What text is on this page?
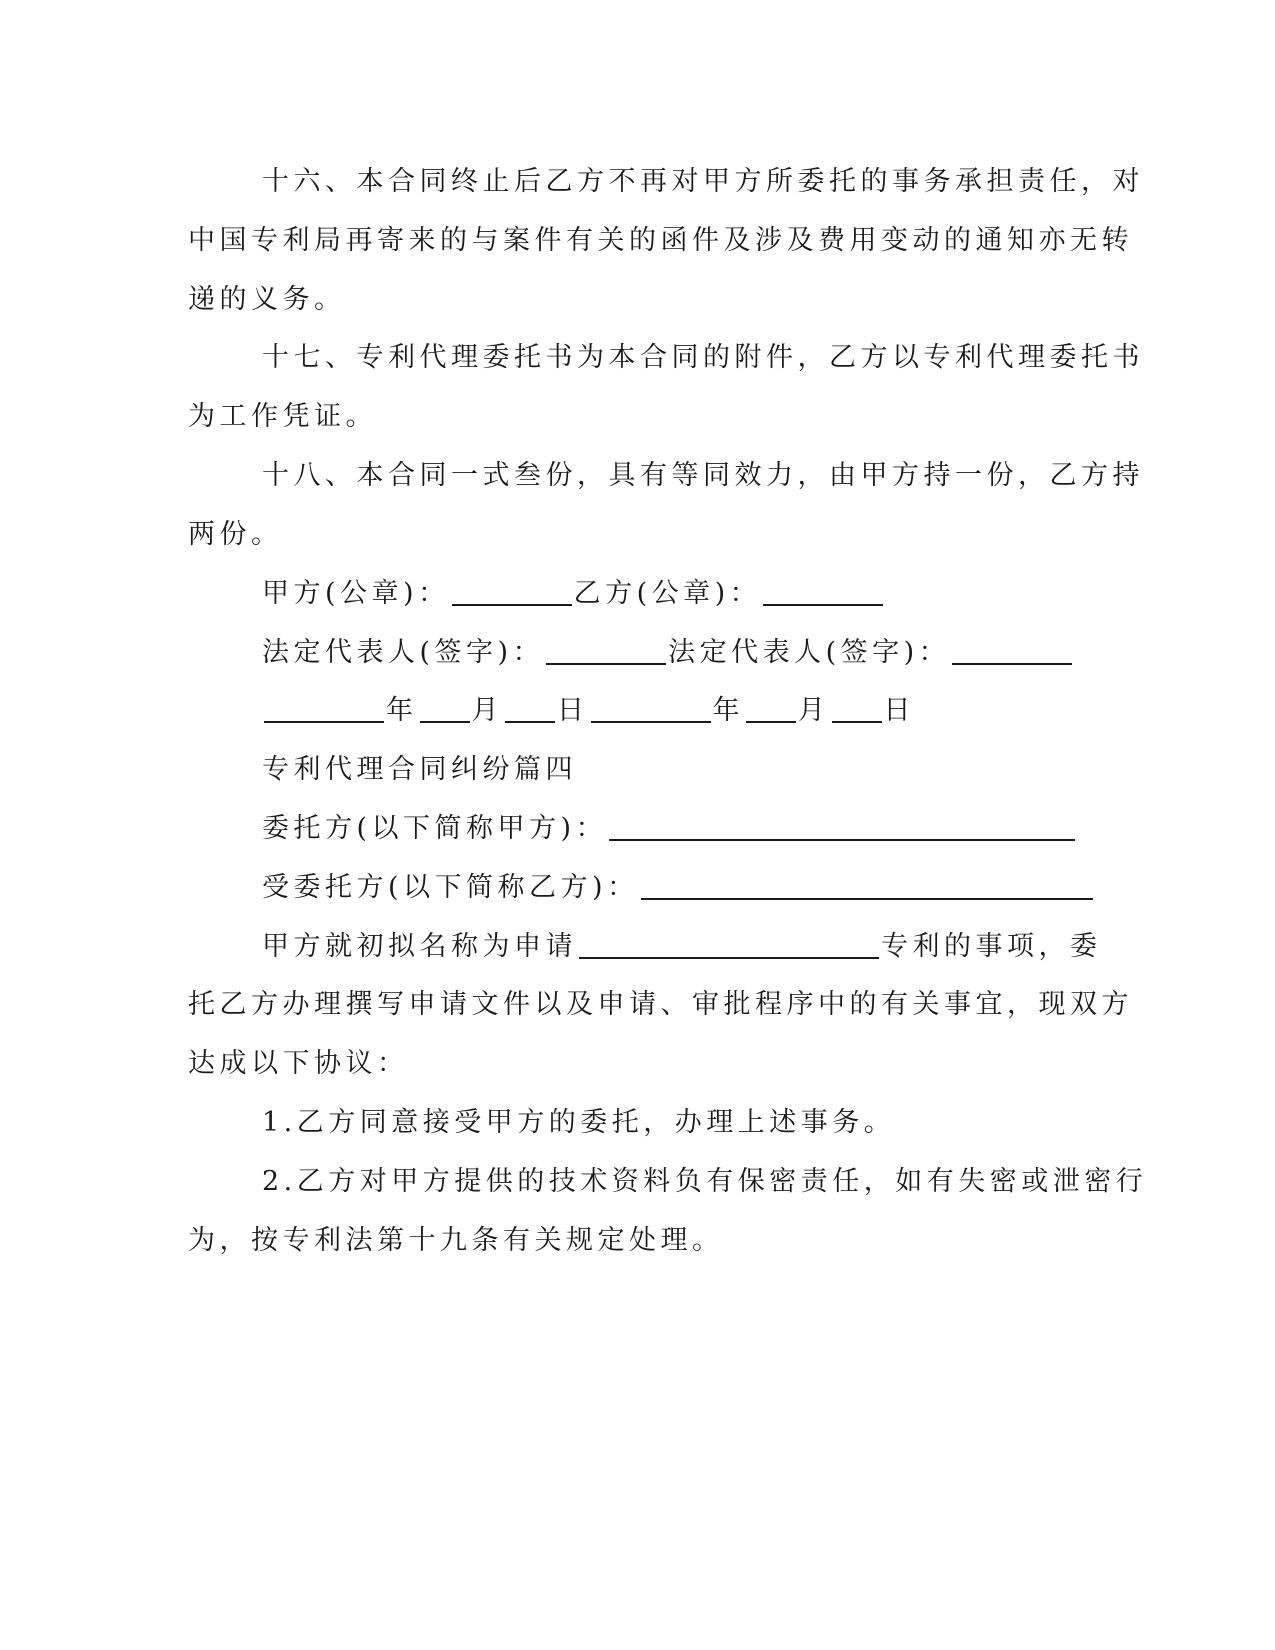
十六、本合同终止后乙方不再对甲方所委托的事务承担责任，对
中国专利局再寄来的与案件有关的函件及涉及费用变动的通知亦无转
递的义务。
十七、专利代理委托书为本合同的附件，乙方以专利代理委托书
为工作凭证。
十八、本合同一式叁份，具有等同效力，由甲方持一份，乙方持
两份。
甲方(公章)：	乙方(公章)：
法定代表人(签字)：	法定代表人(签字)：
年 月 日	年 月 日
专利代理合同纠纷篇四
委托方(以下简称甲方)：
受委托方(以下简称乙方)：
甲方就初拟名称为申请	专利的事项，委
托乙方办理撰写申请文件以及申请、审批程序中的有关事宜，现双方
达成以下协议：
1.乙方同意接受甲方的委托，办理上述事务。
2.乙方对甲方提供的技术资料负有保密责任，如有失密或泄密行
为，按专利法第十九条有关规定处理。
